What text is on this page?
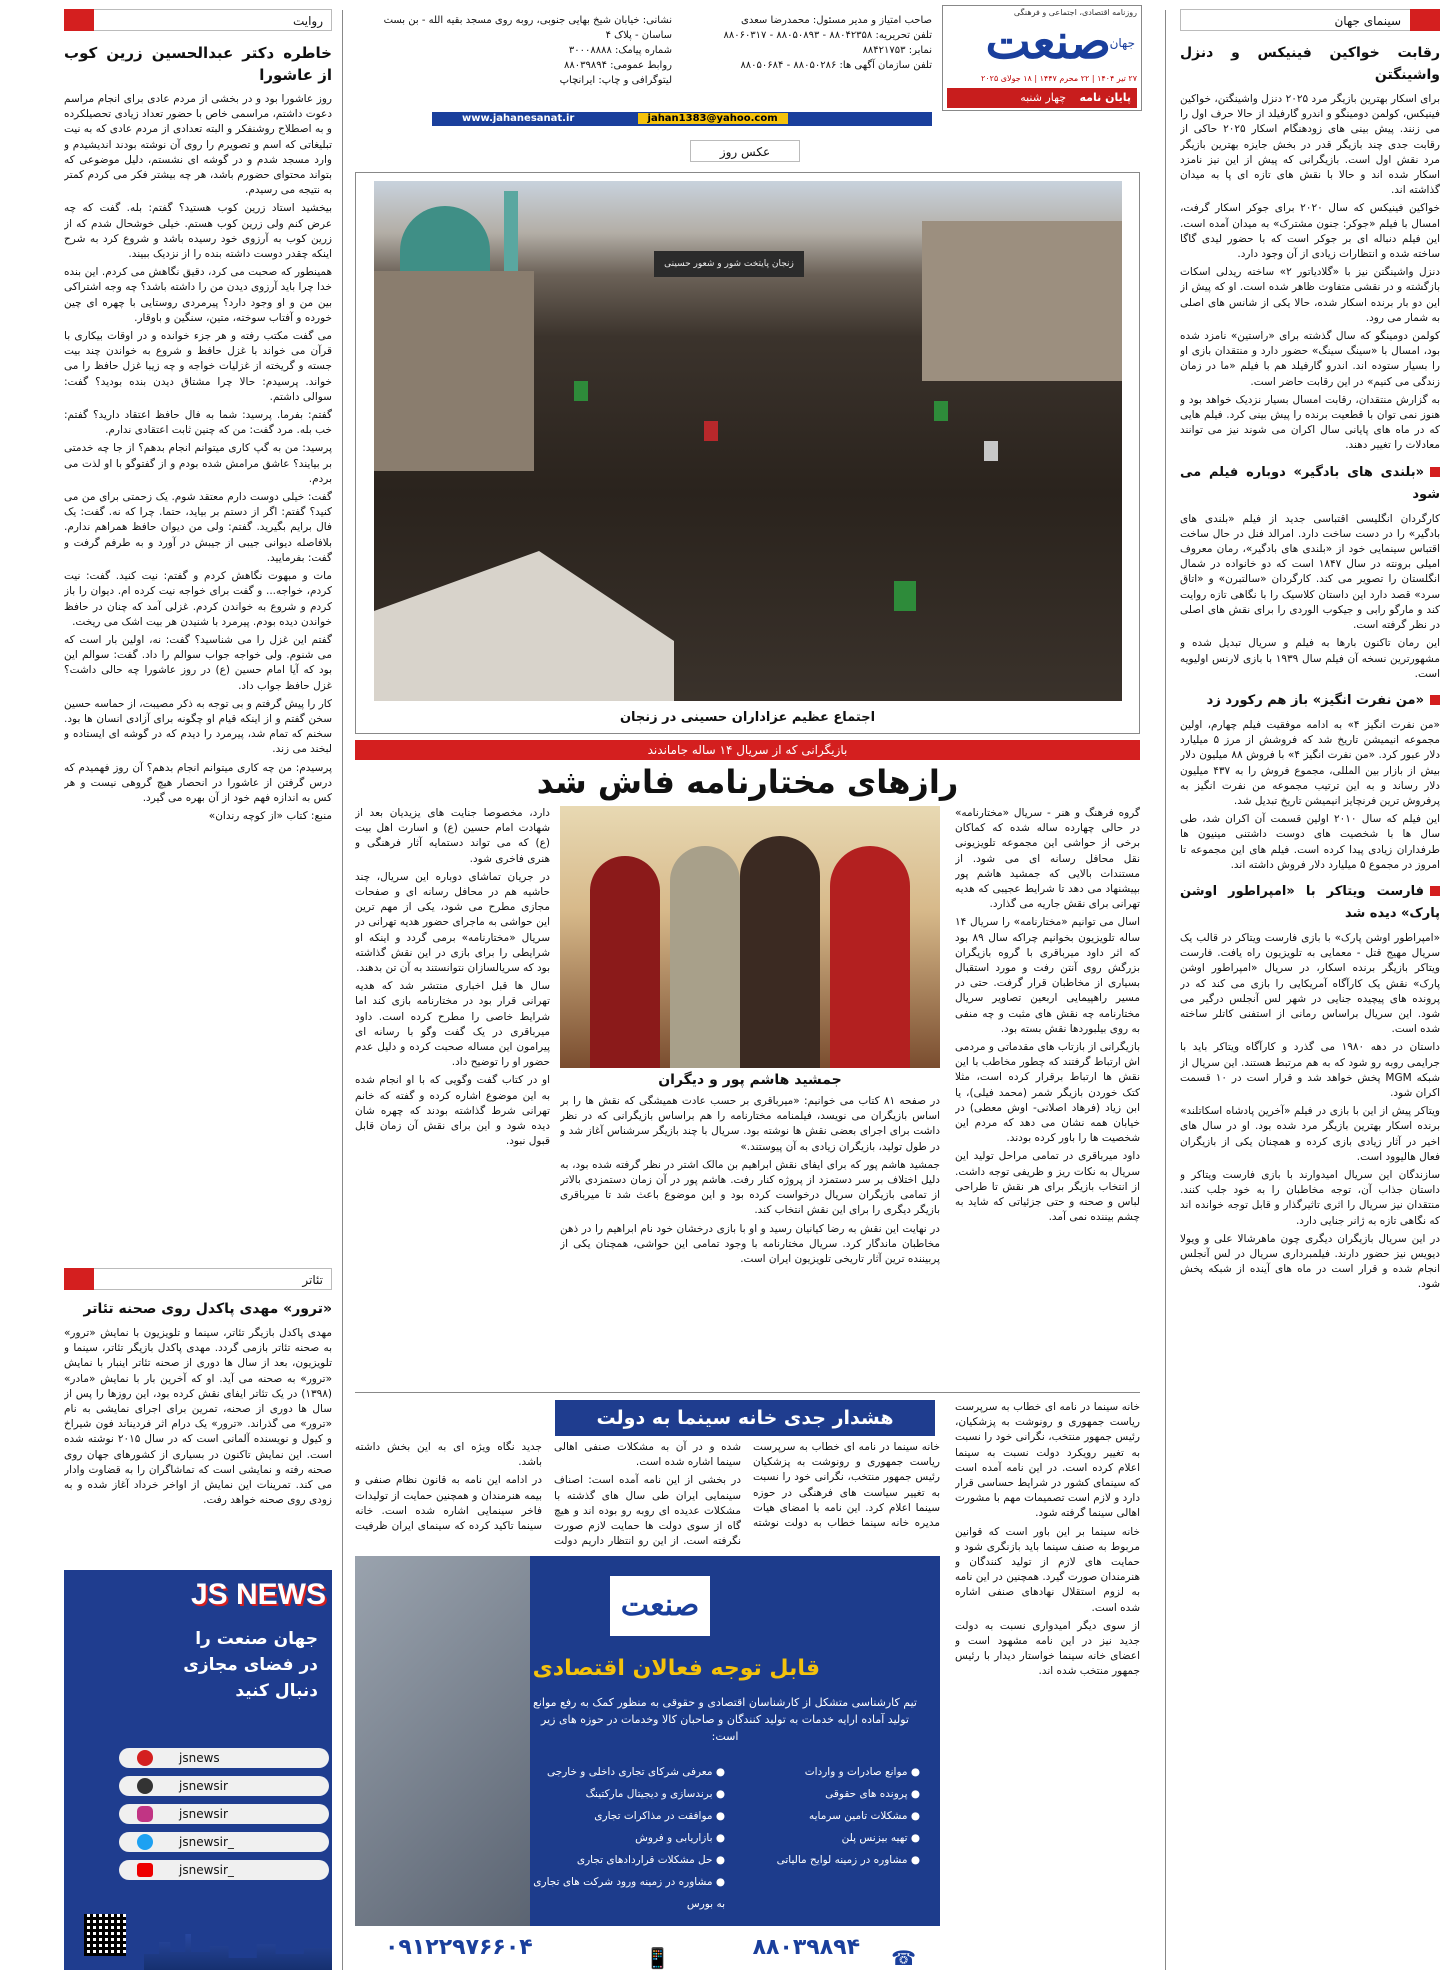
روزنامه اقتصادی، اجتماعی و فرهنگی
صنعت
جهان
۲۷ تیر ۱۴۰۴ | ۲۲ محرم ۱۴۴۷ | ۱۸ جولای ۲۰۲۵
پایان نامه چهار شنبه
صاحب امتیاز و مدیر مسئول: محمدرضا سعدی
تلفن تحریریه: ۸۸۰۴۲۳۵۸ - ۸۸۰۵۰۸۹۳ - ۸۸۰۶۰۳۱۷
نمابر: ۸۸۴۲۱۷۵۳
تلفن سازمان آگهی ها: ۸۸۰۵۰۲۸۶ - ۸۸۰۵۰۶۸۴
نشانی: خیابان شیخ بهایی جنوبی، روبه روی مسجد بقیه الله - بن بست ساسان - پلاک ۴
شماره پیامک: ۳۰۰۰۸۸۸۸
روابط عمومی: ۸۸۰۳۹۸۹۴
لیتوگرافی و چاپ: ایرانچاپ
www.jahanesanat.ir	jahan1383@yahoo.com
روایت
خاطره دکتر عبدالحسین زرین کوب از عاشورا

روز عاشورا بود و در بخشی از مردم عادی برای انجام مراسم دعوت داشتم، مراسمی خاص با حضور تعداد زیادی تحصیلکرده و به اصطلاح روشنفکر و البته تعدادی از مردم عادی که به نیت تبلیغاتی که اسم و تصویرم را روی آن نوشته بودند اندیشیدم و وارد مسجد شدم و در گوشه ای نشستم، دلیل موضوعی که بتواند محتوای حضورم باشد، هر چه بیشتر فکر می کردم کمتر به نتیجه می رسیدم.

بیخشید استاد زرین کوب هستید؟ گفتم: بله. گفت که چه عرض کنم ولی زرین کوب هستم. خیلی خوشحال شدم که از زرین کوب به آرزوی خود رسیده باشد و شروع کرد به شرح اینکه چقدر دوست داشته بنده را از نزدیک ببیند.

همینطور که صحبت می کرد، دقیق نگاهش می کردم. این بنده خدا چرا باید آرزوی دیدن من را داشته باشد؟ چه وجه اشتراکی بین من و او وجود دارد؟ پیرمردی روستایی با چهره ای چین خورده و آفتاب سوخته، متین، سنگین و باوقار.

می گفت مکتب رفته و هر جزء خوانده و در اوقات بیکاری با قرآن می خواند با غزل حافظ و شروع به خواندن چند بیت جسته و گریخته از غزلیات خواجه و چه زیبا غزل حافظ را می خواند. پرسیدم: حالا چرا مشتاق دیدن بنده بودید؟ گفت: سوالی داشتم.

گفتم: بفرما. پرسید: شما به فال حافظ اعتقاد دارید؟ گفتم: خب بله. مرد گفت: من که چنین ثابت اعتقادی ندارم.

پرسید: من به گپ کاری میتوانم انجام بدهم؟ از جا چه خدمتی بر بیایند؟ عاشق مرامش شده بودم و از گفتوگو با او لذت می بردم.

گفت: خیلی دوست دارم معتقد شوم. یک زحمتی برای من می کنید؟ گفتم: اگر از دستم بر بیاید، حتما. چرا که نه. گفت: یک فال برایم بگیرید. گفتم: ولی من دیوان حافظ همراهم ندارم. بلافاصله دیوانی جیبی از جیبش در آورد و به طرفم گرفت و گفت: بفرمایید.

مات و مبهوت نگاهش کردم و گفتم: نیت کنید. گفت: نیت کردم، خواجه... و گفت برای خواجه نیت کرده ام. دیوان را باز کردم و شروع به خواندن کردم. غزلی آمد که چنان در حافظ خواندن دیده بودم. پیرمرد با شنیدن هر بیت اشک می ریخت.

گفتم این غزل را می شناسید؟ گفت: نه، اولین بار است که می شنوم. ولی خواجه جواب سوالم را داد. گفت: سوالم این بود که آیا امام حسین (ع) در روز عاشورا چه حالی داشت؟ غزل حافظ جواب داد.

کار را پیش گرفتم و بی توجه به ذکر مصیبت، از حماسه حسین سخن گفتم و از اینکه قیام او چگونه برای آزادی انسان ها بود. سخنم که تمام شد، پیرمرد را دیدم که در گوشه ای ایستاده و لبخند می زند.

پرسیدم: من چه کاری میتوانم انجام بدهم؟ آن روز فهمیدم که درس گرفتن از عاشورا در انحصار هیچ گروهی نیست و هر کس به اندازه فهم خود از آن بهره می گیرد.

منبع: کتاب «از کوچه رندان»

تئاتر
«ترور» مهدی پاکدل روی صحنه تئاتر

مهدی پاکدل بازیگر تئاتر، سینما و تلویزیون با نمایش «ترور» به صحنه تئاتر بازمی گردد. مهدی پاکدل بازیگر تئاتر، سینما و تلویزیون، بعد از سال ها دوری از صحنه تئاتر اینبار با نمایش «ترور» به صحنه می آید. او که آخرین بار با نمایش «مادر» (۱۳۹۸) در یک تئاتر ایفای نقش کرده بود، این روزها را پس از سال ها دوری از صحنه، تمرین برای اجرای نمایشی به نام «ترور» می گذراند. «ترور» یک درام اثر فردیناند فون شیراخ و کیول و نویسنده آلمانی است که در سال ۲۰۱۵ نوشته شده است. این نمایش تاکنون در بسیاری از کشورهای جهان روی صحنه رفته و نمایشی است که تماشاگران را به قضاوت وادار می کند. تمرینات این نمایش از اواخر خرداد آغاز شده و به زودی روی صحنه خواهد رفت.

JS NEWS
جهان صنعت را
در فضای مجازی
دنبال کنید
jsnews
jsnewsir
jsnewsir
jsnewsir_
jsnewsir_
عکس روز
زنجان پایتخت شور و شعور حسینی
اجتماع عظیم عزاداران حسینی در زنجان
بازیگرانی که از سریال ۱۴ ساله جاماندند
رازهای مختارنامه فاش شد
جمشید هاشم پور و دیگران

گروه فرهنگ و هنر - سریال «مختارنامه» در حالی چهارده ساله شده که کماکان برخی از حواشی این مجموعه تلویزیونی نقل محافل رسانه ای می شود. از مستندات بالایی که جمشید هاشم پور بپیشنهاد می دهد تا شرایط عجیبی که هدیه تهرانی برای نقش جاریه می گذارد.

اسال می توانیم «مختارنامه» را سریال ۱۴ ساله تلویزیون بخوانیم چراکه سال ۸۹ بود که اثر داود میرباقری با گروه بازیگران بزرگش روی آنتن رفت و مورد استقبال بسیاری از مخاطبان قرار گرفت. حتی در مسیر راهپیمایی اربعین تصاویر سریال مختارنامه چه نقش های مثبت و چه منفی به روی بیلبوردها نقش بسته بود.

بازیگرانی از بازتاب های مقدماتی و مردمی اش ارتباط گرفتند که چطور مخاطب با این نقش ها ارتباط برقرار کرده است، مثلا کتک خوردن بازیگر شمر (محمد فیلی)، یا ابن زیاد (فرهاد اصلانی- اوش معطی) در خیابان همه نشان می دهد که مردم این شخصیت ها را باور کرده بودند.

داود میرباقری در تمامی مراحل تولید این سریال به نکات ریز و ظریفی توجه داشت. از انتخاب بازیگر برای هر نقش تا طراحی لباس و صحنه و حتی جزئیاتی که شاید به چشم بیننده نمی آمد.

دارد، مخصوصا جنایت های یزیدیان بعد از شهادت امام حسین (ع) و اسارت اهل بیت (ع) که می تواند دستمایه آثار فرهنگی و هنری فاخری شود.

در جریان تماشای دوباره این سریال، چند حاشیه هم در محافل رسانه ای و صفحات مجازی مطرح می شود، یکی از مهم ترین این حواشی به ماجرای حضور هدیه تهرانی در سریال «مختارنامه» برمی گردد و اینکه او شرایطی را برای بازی در این نقش گذاشته بود که سریالسازان نتوانستند به آن تن بدهند.

سال ها قبل اخباری منتشر شد که هدیه تهرانی قرار بود در مختارنامه بازی کند اما شرایط خاصی را مطرح کرده است. داود میرباقری در یک گفت وگو با رسانه ای پیرامون این مساله صحبت کرده و دلیل عدم حضور او را توضیح داد.

او در کتاب گفت وگویی که با او انجام شده به این موضوع اشاره کرده و گفته که خانم تهرانی شرط گذاشته بودند که چهره شان دیده شود و این برای نقش آن زمان قابل قبول نبود.

در صفحه ۸۱ کتاب می خوانیم: «میرباقری بر حسب عادت همیشگی که نقش ها را بر اساس بازیگران می نویسد، فیلمنامه مختارنامه را هم براساس بازیگرانی که در نظر داشت برای اجرای بعضی نقش ها نوشته بود. سریال با چند بازیگر سرشناس آغاز شد و در طول تولید، بازیگران زیادی به آن پیوستند.»

جمشید هاشم پور که برای ایفای نقش ابراهیم بن مالک اشتر در نظر گرفته شده بود، به دلیل اختلاف بر سر دستمزد از پروژه کنار رفت. هاشم پور در آن زمان دستمزدی بالاتر از تمامی بازیگران سریال درخواست کرده بود و این موضوع باعث شد تا میرباقری بازیگر دیگری را برای این نقش انتخاب کند.

در نهایت این نقش به رضا کیانیان رسید و او با بازی درخشان خود نام ابراهیم را در ذهن مخاطبان ماندگار کرد. سریال مختارنامه با وجود تمامی این حواشی، همچنان یکی از پربیننده ترین آثار تاریخی تلویزیون ایران است.

هشدار جدی خانه سینما به دولت پزشکیان

خانه سینما در نامه ای خطاب به سرپرست ریاست جمهوری و رونوشت به پزشکیان رئیس جمهور منتخب، نگرانی خود را نسبت به تغییر سیاست های فرهنگی در حوزه سینما اعلام کرد. این نامه با امضای هیات مدیره خانه سینما خطاب به دولت نوشته شده و در آن به مشکلات صنفی اهالی سینما اشاره شده است.

در بخشی از این نامه آمده است: اصناف سینمایی ایران طی سال های گذشته با مشکلات عدیده ای روبه رو بوده اند و هیچ گاه از سوی دولت ها حمایت لازم صورت نگرفته است. از این رو انتظار داریم دولت جدید نگاه ویژه ای به این بخش داشته باشد.

در ادامه این نامه به قانون نظام صنفی و بیمه هنرمندان و همچنین حمایت از تولیدات فاخر سینمایی اشاره شده است. خانه سینما تاکید کرده که سینمای ایران ظرفیت

خانه سینما در نامه ای خطاب به سرپرست ریاست جمهوری و رونوشت به پزشکیان، رئیس جمهور منتخب، نگرانی خود را نسبت به تغییر رویکرد دولت نسبت به سینما اعلام کرده است. در این نامه آمده است که سینمای کشور در شرایط حساسی قرار دارد و لازم است تصمیمات مهم با مشورت اهالی سینما گرفته شود.

خانه سینما بر این باور است که قوانین مربوط به صنف سینما باید بازنگری شود و حمایت های لازم از تولید کنندگان و هنرمندان صورت گیرد. همچنین در این نامه به لزوم استقلال نهادهای صنفی اشاره شده است.

از سوی دیگر امیدواری نسبت به دولت جدید نیز در این نامه مشهود است و اعضای خانه سینما خواستار دیدار با رئیس جمهور منتخب شده اند.

صنعت
قابل توجه فعالان اقتصادی
تیم کارشناسی متشکل از کارشناسان اقتصادی و حقوقی به منظور کمک به رفع موانع تولید آماده ارایه خدمات به تولید کنندگان و صاحبان کالا وخدمات در حوزه های زیر است:
● موانع صادرات و واردات
● پرونده های حقوقی
● مشکلات تامین سرمایه
● تهیه بیزنس پلن
● مشاوره در زمینه لوایح مالیاتی
● معرفی شرکای تجاری داخلی و خارجی
● برندسازی و دیجیتال مارکتینگ
● موافقت در مذاکرات تجاری
● بازاریابی و فروش
● حل مشکلات قراردادهای تجاری
● مشاوره در زمینه ورود شرکت های تجاری به بورس
☎
۸۸۰۳۹۸۹۴
📱
۰۹۱۲۲۹۷۶۶۰۴
سینمای جهان
رقابت خواکین فینیکس و دنزل واشینگتن

برای اسکار بهترین بازیگر مرد ۲۰۲۵ دنزل واشینگتن، خواکین فینیکس، کولمن دومینگو و اندرو گارفیلد از حالا حرف اول را می زنند. پیش بینی های زودهنگام اسکار ۲۰۲۵ حاکی از رقابت جدی چند بازیگر قدر در بخش جایزه بهترین بازیگر مرد نقش اول است. بازیگرانی که پیش از این نیز نامزد اسکار شده اند و حالا با نقش های تازه ای پا به میدان گذاشته اند.

خواکین فینیکس که سال ۲۰۲۰ برای جوکر اسکار گرفت، امسال با فیلم «جوکر: جنون مشترک» به میدان آمده است. این فیلم دنباله ای بر جوکر است که با حضور لیدی گاگا ساخته شده و انتظارات زیادی از آن وجود دارد.

دنزل واشینگتن نیز با «گلادیاتور ۲» ساخته ریدلی اسکات بازگشته و در نقشی متفاوت ظاهر شده است. او که پیش از این دو بار برنده اسکار شده، حالا یکی از شانس های اصلی به شمار می رود.

کولمن دومینگو که سال گذشته برای «راستین» نامزد شده بود، امسال با «سینگ سینگ» حضور دارد و منتقدان بازی او را بسیار ستوده اند. اندرو گارفیلد هم با فیلم «ما در زمان زندگی می کنیم» در این رقابت حاضر است.

به گزارش منتقدان، رقابت امسال بسیار نزدیک خواهد بود و هنوز نمی توان با قطعیت برنده را پیش بینی کرد. فیلم هایی که در ماه های پایانی سال اکران می شوند نیز می توانند معادلات را تغییر دهند.

«بلندی های بادگیر» دوباره فیلم می شود

کارگردان انگلیسی اقتباسی جدید از فیلم «بلندی های بادگیر» را در دست ساخت دارد. امرالد فنل در حال ساخت اقتباس سینمایی خود از «بلندی های بادگیر»، رمان معروف امیلی برونته در سال ۱۸۴۷ است که دو خانواده در شمال انگلستان را تصویر می کند. کارگردان «سالتبرن» و «اتاق سرد» قصد دارد این داستان کلاسیک را با نگاهی تازه روایت کند و مارگو رابی و جیکوب الوردی را برای نقش های اصلی در نظر گرفته است.

این رمان تاکنون بارها به فیلم و سریال تبدیل شده و مشهورترین نسخه آن فیلم سال ۱۹۳۹ با بازی لارنس اولیویه است.

«من نفرت انگیز» باز هم رکورد زد

«من نفرت انگیز ۴» به ادامه موفقیت فیلم چهارم، اولین مجموعه انیمیشن تاریخ شد که فروشش از مرز ۵ میلیارد دلار عبور کرد. «من نفرت انگیز ۴» با فروش ۸۸ میلیون دلار بیش از بازار بین المللی، مجموع فروش را به ۴۳۷ میلیون دلار رساند و به این ترتیب مجموعه من نفرت انگیز به پرفروش ترین فرنچایز انیمیشن تاریخ تبدیل شد.

این فیلم که سال ۲۰۱۰ اولین قسمت آن اکران شد، طی سال ها با شخصیت های دوست داشتنی مینیون ها طرفداران زیادی پیدا کرده است. فیلم های این مجموعه تا امروز در مجموع ۵ میلیارد دلار فروش داشته اند.

فارست ویتاکر با «امپراطور اوشن پارک» دیده شد

«امپراطور اوشن پارک» با بازی فارست ویتاکر در قالب یک سریال مهیج قتل - معمایی به تلویزیون راه یافت. فارست ویتاکر بازیگر برنده اسکار، در سریال «امپراطور اوشن پارک» نقش یک کارآگاه آمریکایی را بازی می کند که در پرونده های پیچیده جنایی در شهر لس آنجلس درگیر می شود. این سریال براساس رمانی از استفنی کاتلر ساخته شده است.

داستان در دهه ۱۹۸۰ می گذرد و کارآگاه ویتاکر باید با جرایمی روبه رو شود که به هم مرتبط هستند. این سریال از شبکه MGM پخش خواهد شد و قرار است در ۱۰ قسمت اکران شود.

ویتاکر پیش از این با بازی در فیلم «آخرین پادشاه اسکاتلند» برنده اسکار بهترین بازیگر مرد شده بود. او در سال های اخیر در آثار زیادی بازی کرده و همچنان یکی از بازیگران فعال هالیوود است.

سازندگان این سریال امیدوارند با بازی فارست ویتاکر و داستان جذاب آن، توجه مخاطبان را به خود جلب کنند. منتقدان نیز سریال را اثری تاثیرگذار و قابل توجه خوانده اند که نگاهی تازه به ژانر جنایی دارد.

در این سریال بازیگران دیگری چون ماهرشالا علی و ویولا دیویس نیز حضور دارند. فیلمبرداری سریال در لس آنجلس انجام شده و قرار است در ماه های آینده از شبکه پخش شود.
